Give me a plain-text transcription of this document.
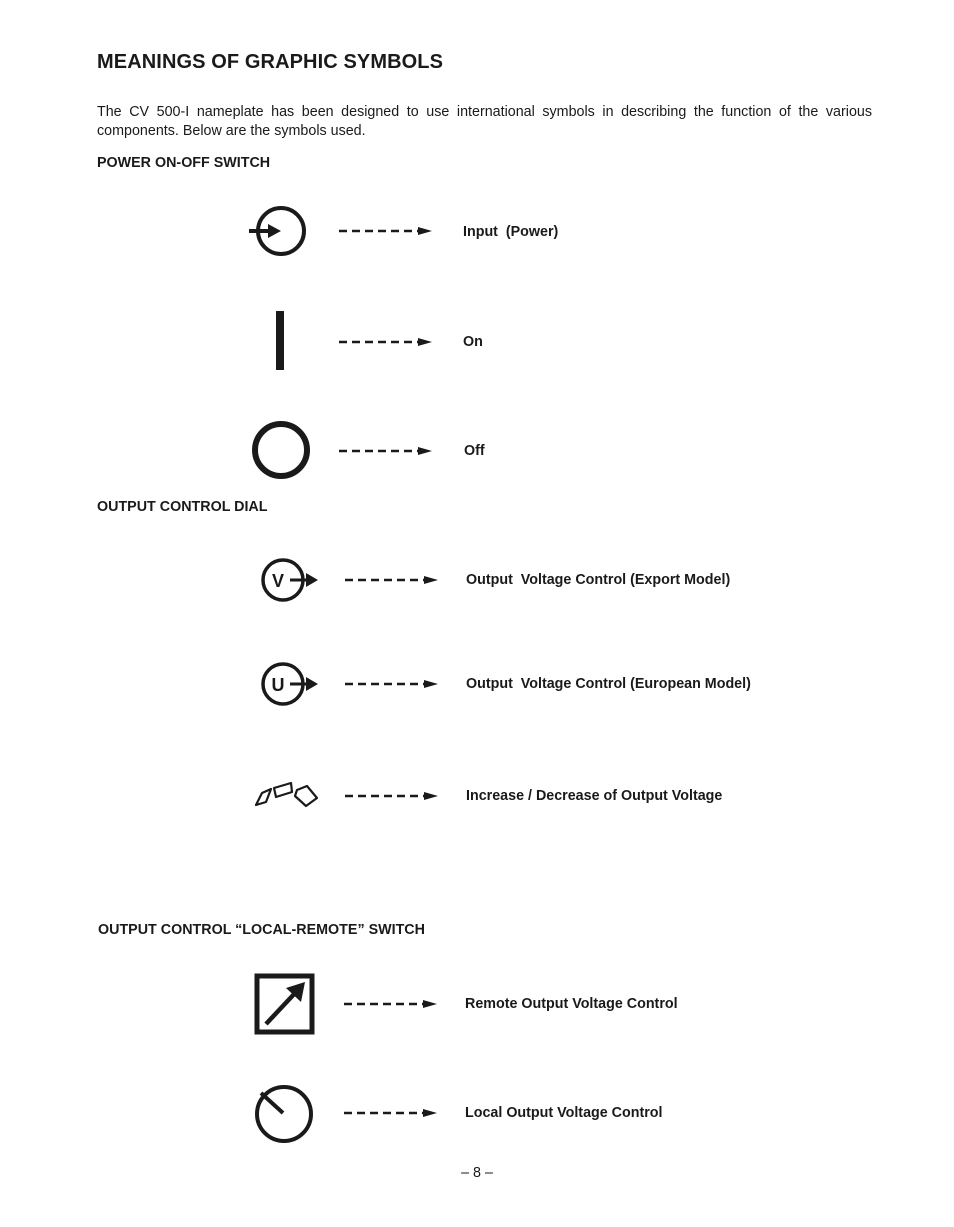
MEANINGS OF GRAPHIC SYMBOLS
The CV 500-I nameplate has been designed to use international symbols in describing the function of the various components. Below are the symbols used.
POWER ON-OFF SWITCH
Input  (Power)
On
Off
OUTPUT CONTROL DIAL
V	Output  Voltage Control (Export Model)
U	Output  Voltage Control (European Model)
Increase / Decrease of Output Voltage
OUTPUT CONTROL “LOCAL-REMOTE” SWITCH
Remote Output Voltage Control
Local Output Voltage Control
– 8 –
